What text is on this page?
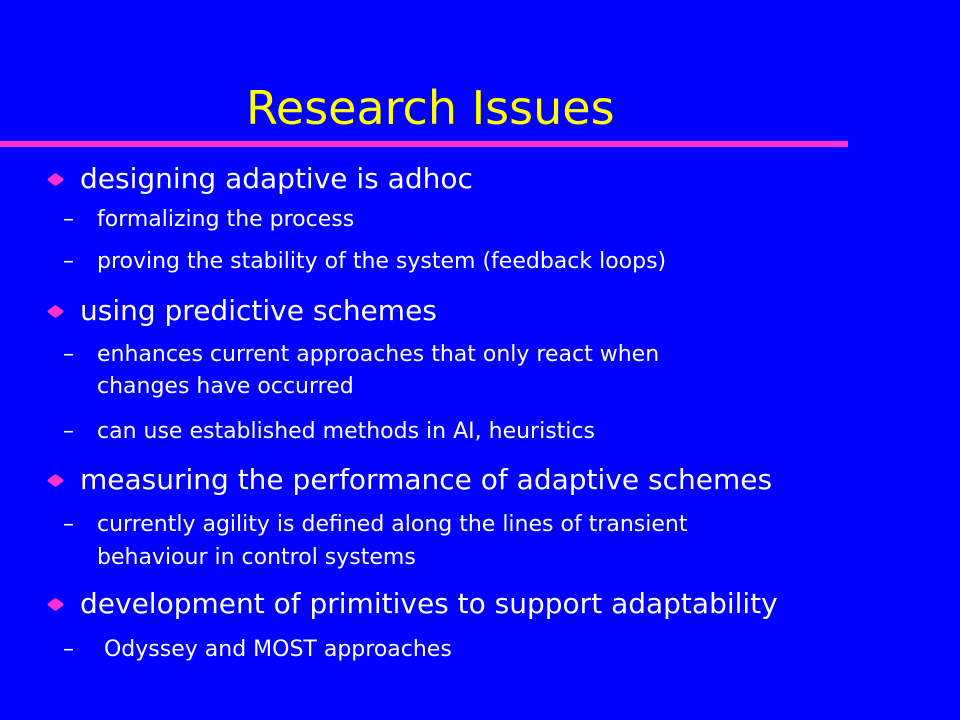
Research Issues
designing adaptive is adhoc
– formalizing the process
– proving the stability of the system (feedback loops)
using predictive schemes
– enhances current approaches that only react when
changes have occurred
– can use established methods in AI, heuristics
measuring the performance of adaptive schemes
– currently agility is defined along the lines of transient
behaviour in control systems
development of primitives to support adaptability
– Odyssey and MOST approaches
